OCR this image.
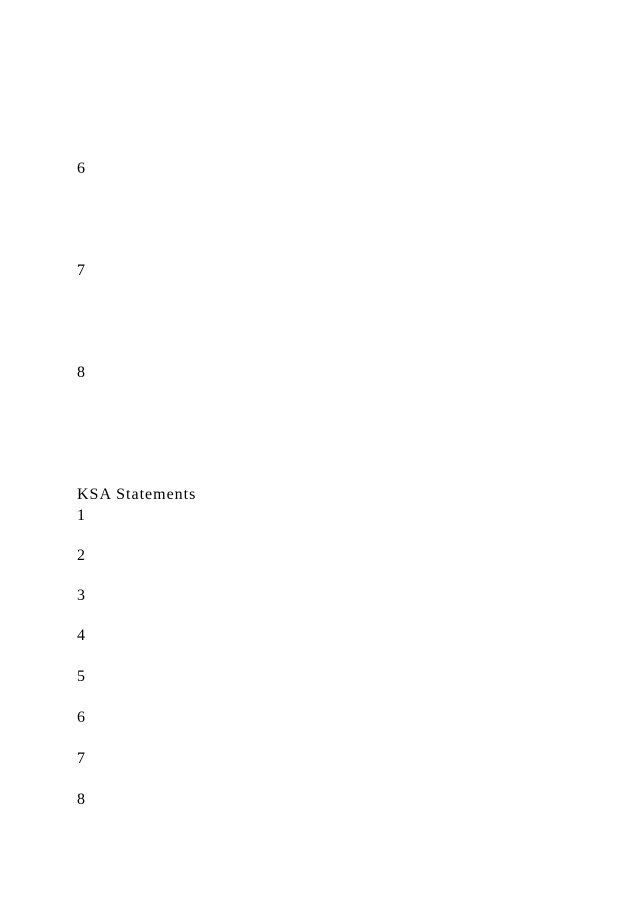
6
7
8
KSA Statements
1
2
3
4
5
6
7
8
